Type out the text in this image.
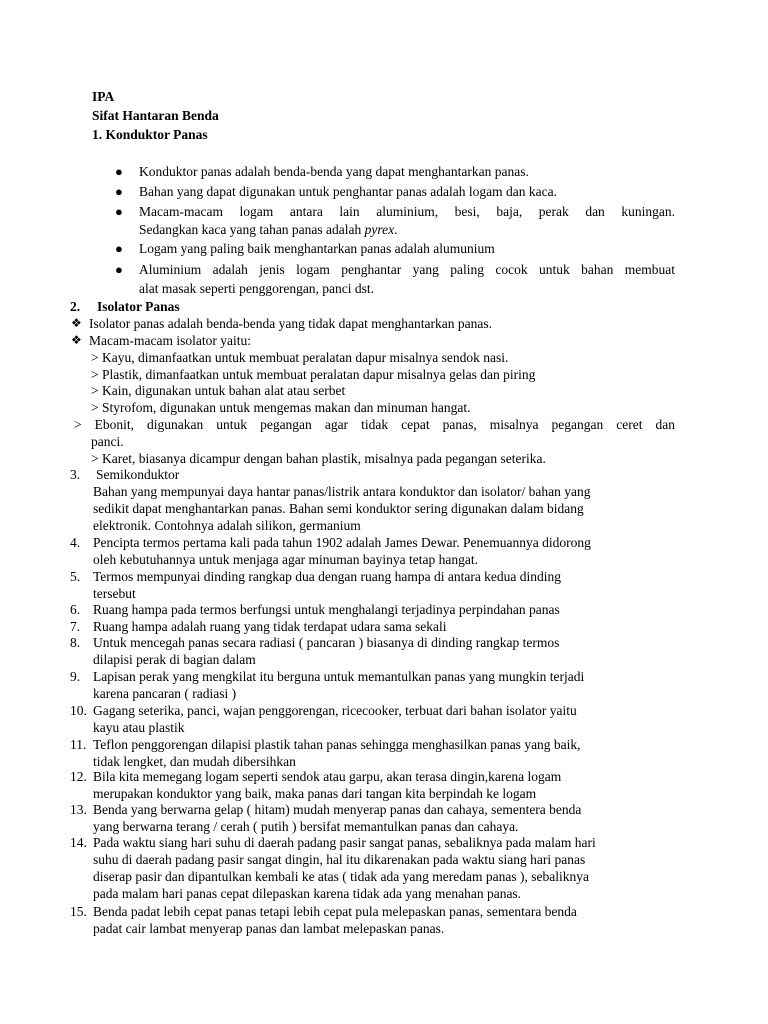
IPA
Sifat Hantaran Benda
1. Konduktor Panas
● Konduktor panas adalah benda-benda yang dapat menghantarkan panas.
● Bahan yang dapat digunakan untuk penghantar panas adalah logam dan kaca.
● Macam-macam logam antara lain aluminium, besi, baja, perak dan kuningan.
Sedangkan kaca yang tahan panas adalah pyrex.
● Logam yang paling baik menghantarkan panas adalah alumunium
● Aluminium adalah jenis logam penghantar yang paling cocok untuk bahan membuat
alat masak seperti penggorengan, panci dst.
2. Isolator Panas
❖ Isolator panas adalah benda-benda yang tidak dapat menghantarkan panas.
❖ Macam-macam isolator yaitu:
> Kayu, dimanfaatkan untuk membuat peralatan dapur misalnya sendok nasi.
> Plastik, dimanfaatkan untuk membuat peralatan dapur misalnya gelas dan piring
> Kain, digunakan untuk bahan alat atau serbet
> Styrofom, digunakan untuk mengemas makan dan minuman hangat.
> Ebonit, digunakan untuk pegangan agar tidak cepat panas, misalnya pegangan ceret dan
panci.
> Karet, biasanya dicampur dengan bahan plastik, misalnya pada pegangan seterika.
3. Semikonduktor
Bahan yang mempunyai daya hantar panas/listrik antara konduktor dan isolator/ bahan yang
sedikit dapat menghantarkan panas. Bahan semi konduktor sering digunakan dalam bidang
elektronik. Contohnya adalah silikon, germanium
4. Pencipta termos pertama kali pada tahun 1902 adalah James Dewar. Penemuannya didorong
oleh kebutuhannya untuk menjaga agar minuman bayinya tetap hangat.
5. Termos mempunyai dinding rangkap dua dengan ruang hampa di antara kedua dinding
tersebut
6. Ruang hampa pada termos berfungsi untuk menghalangi terjadinya perpindahan panas
7. Ruang hampa adalah ruang yang tidak terdapat udara sama sekali
8. Untuk mencegah panas secara radiasi ( pancaran ) biasanya di dinding rangkap termos
dilapisi perak di bagian dalam
9. Lapisan perak yang mengkilat itu berguna untuk memantulkan panas yang mungkin terjadi
karena pancaran ( radiasi )
10. Gagang seterika, panci, wajan penggorengan, ricecooker, terbuat dari bahan isolator yaitu
kayu atau plastik
11. Teflon penggorengan dilapisi plastik tahan panas sehingga menghasilkan panas yang baik,
tidak lengket, dan mudah dibersihkan
12. Bila kita memegang logam seperti sendok atau garpu, akan terasa dingin,karena logam
merupakan konduktor yang baik, maka panas dari tangan kita berpindah ke logam
13. Benda yang berwarna gelap ( hitam) mudah menyerap panas dan cahaya, sementera benda
yang berwarna terang / cerah ( putih ) bersifat memantulkan panas dan cahaya.
14. Pada waktu siang hari suhu di daerah padang pasir sangat panas, sebaliknya pada malam hari
suhu di daerah padang pasir sangat dingin, hal itu dikarenakan pada waktu siang hari panas
diserap pasir dan dipantulkan kembali ke atas ( tidak ada yang meredam panas ), sebaliknya
pada malam hari panas cepat dilepaskan karena tidak ada yang menahan panas.
15. Benda padat lebih cepat panas tetapi lebih cepat pula melepaskan panas, sementara benda
padat cair lambat menyerap panas dan lambat melepaskan panas.
